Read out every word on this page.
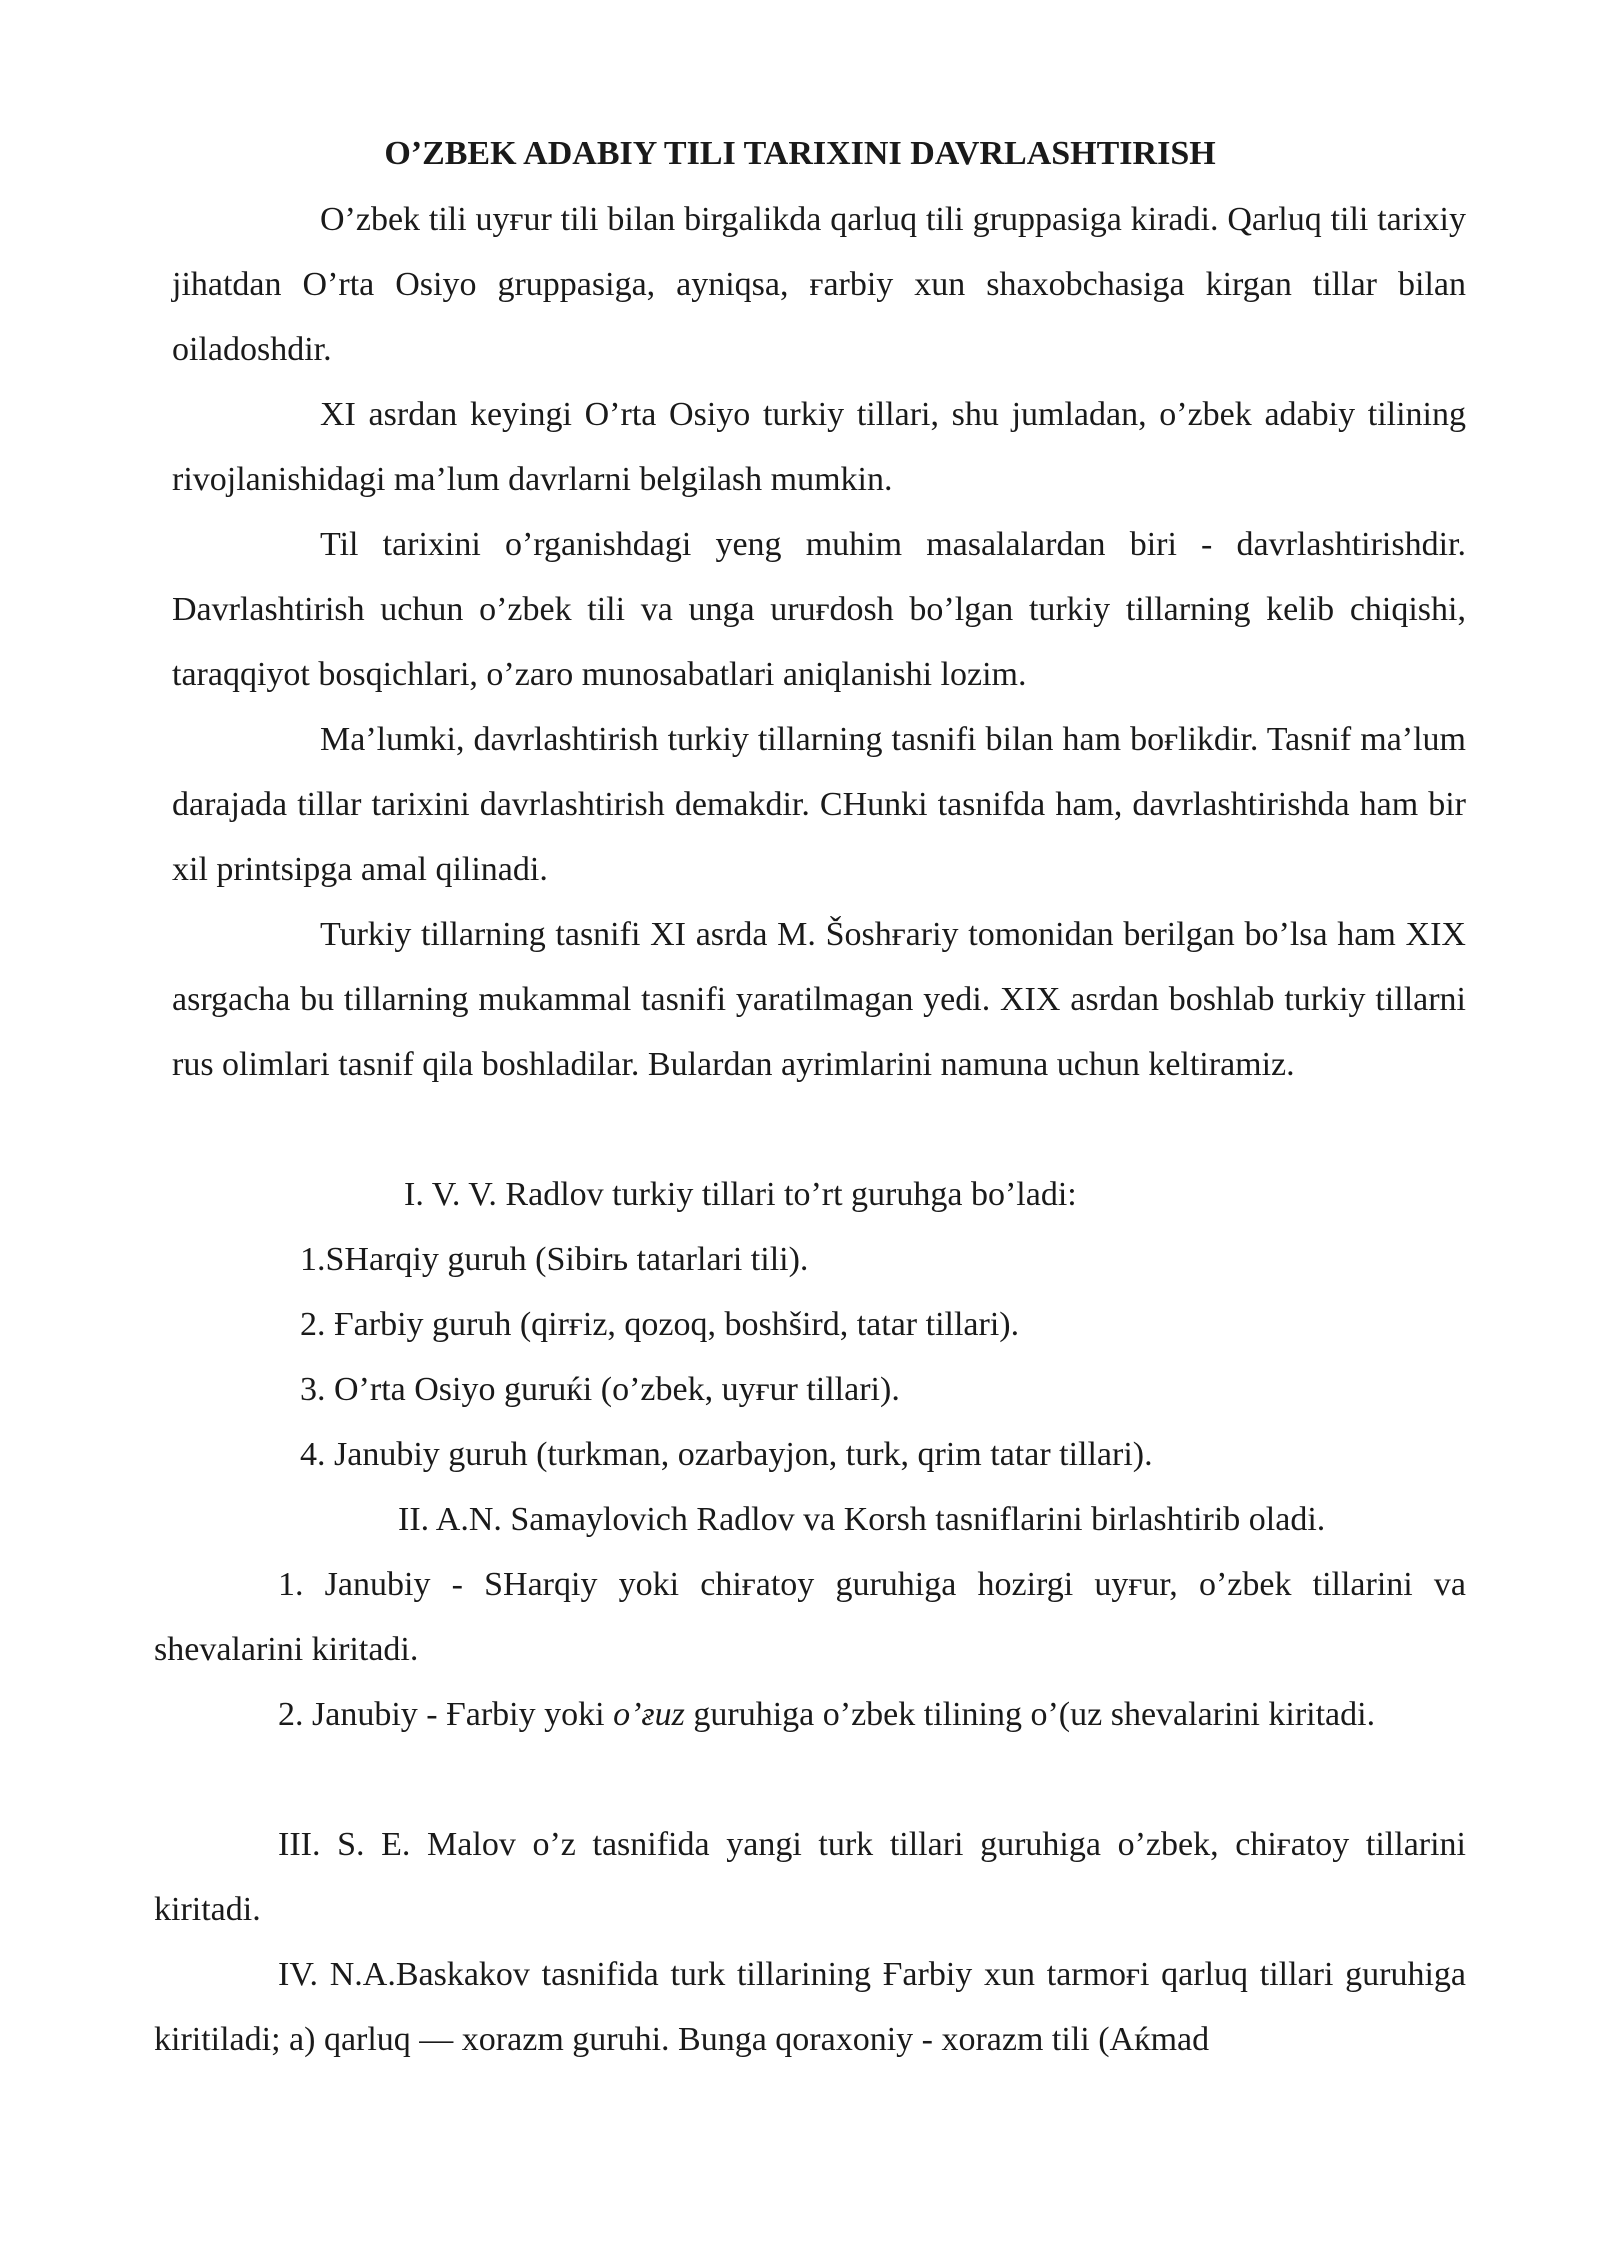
O’ZBEK ADABIY TILI TARIXINI DAVRLASHTIRISH

O’zbek tili uyғur tili bilan birgalikda qarluq tili gruppasiga kiradi. Qarluq tili tarixiy jihatdan O’rta Osiyo gruppasiga, ayniqsa, ғarbiy xun shaxobchasiga kirgan tillar bilan oiladoshdir.

XI asrdan keyingi O’rta Osiyo turkiy tillari, shu jumladan, o’zbek adabiy tilining rivojlanishidagi ma’lum davrlarni belgilash mumkin.

Til tarixini o’rganishdagi yeng muhim masalalardan biri - davrlashtirishdir. Davrlashtirish uchun o’zbek tili va unga uruғdosh bo’lgan turkiy tillarning kelib chiqishi, taraqqiyot bosqichlari, o’zaro munosabatlari aniqlanishi lozim.

Ma’lumki, davrlashtirish turkiy tillarning tasnifi bilan ham boғlikdir. Tasnif ma’lum darajada tillar tarixini davrlashtirish demakdir. CHunki tasnifda ham, davrlashtirishda ham bir xil printsipga amal qilinadi.

Turkiy tillarning tasnifi XI asrda M. Šoshғariy tomonidan berilgan bo’lsa ham XIX asrgacha bu tillarning mukammal tasnifi yaratilmagan yedi. XIX asrdan boshlab turkiy tillarni rus olimlari tasnif qila boshladilar. Bulardan ayrimlarini namuna uchun keltiramiz.

I. V. V. Radlov turkiy tillari to’rt guruhga bo’ladi:

1.SHarqiy guruh (Sibirь tatarlari tili).

2. Ғarbiy guruh (qirғiz, qozoq, boshšird, tatar tillari).

3. O’rta Osiyo guruќi (o’zbek, uyғur tillari).

4. Janubiy guruh (turkman, ozarbayjon, turk, qrim tatar tillari).

II. A.N. Samaylovich Radlov va Korsh tasniflarini birlashtirib oladi.

1. Janubiy - SHarqiy yoki chiғatoy guruhiga hozirgi uyғur, o’zbek tillarini va shevalarini kiritadi.

2. Janubiy - Ғarbiy yoki o’ғuz guruhiga o’zbek tilining o’(uz shevalarini kiritadi.

III. S. E. Malov o’z tasnifida yangi turk tillari guruhiga o’zbek, chiғatoy tillarini kiritadi.

IV. N.A.Baskakov tasnifida turk tillarining Ғarbiy xun tarmoғi qarluq tillari guruhiga kiritiladi; a) qarluq — xorazm guruhi. Bunga qoraxoniy - xorazm tili (Aќmad
